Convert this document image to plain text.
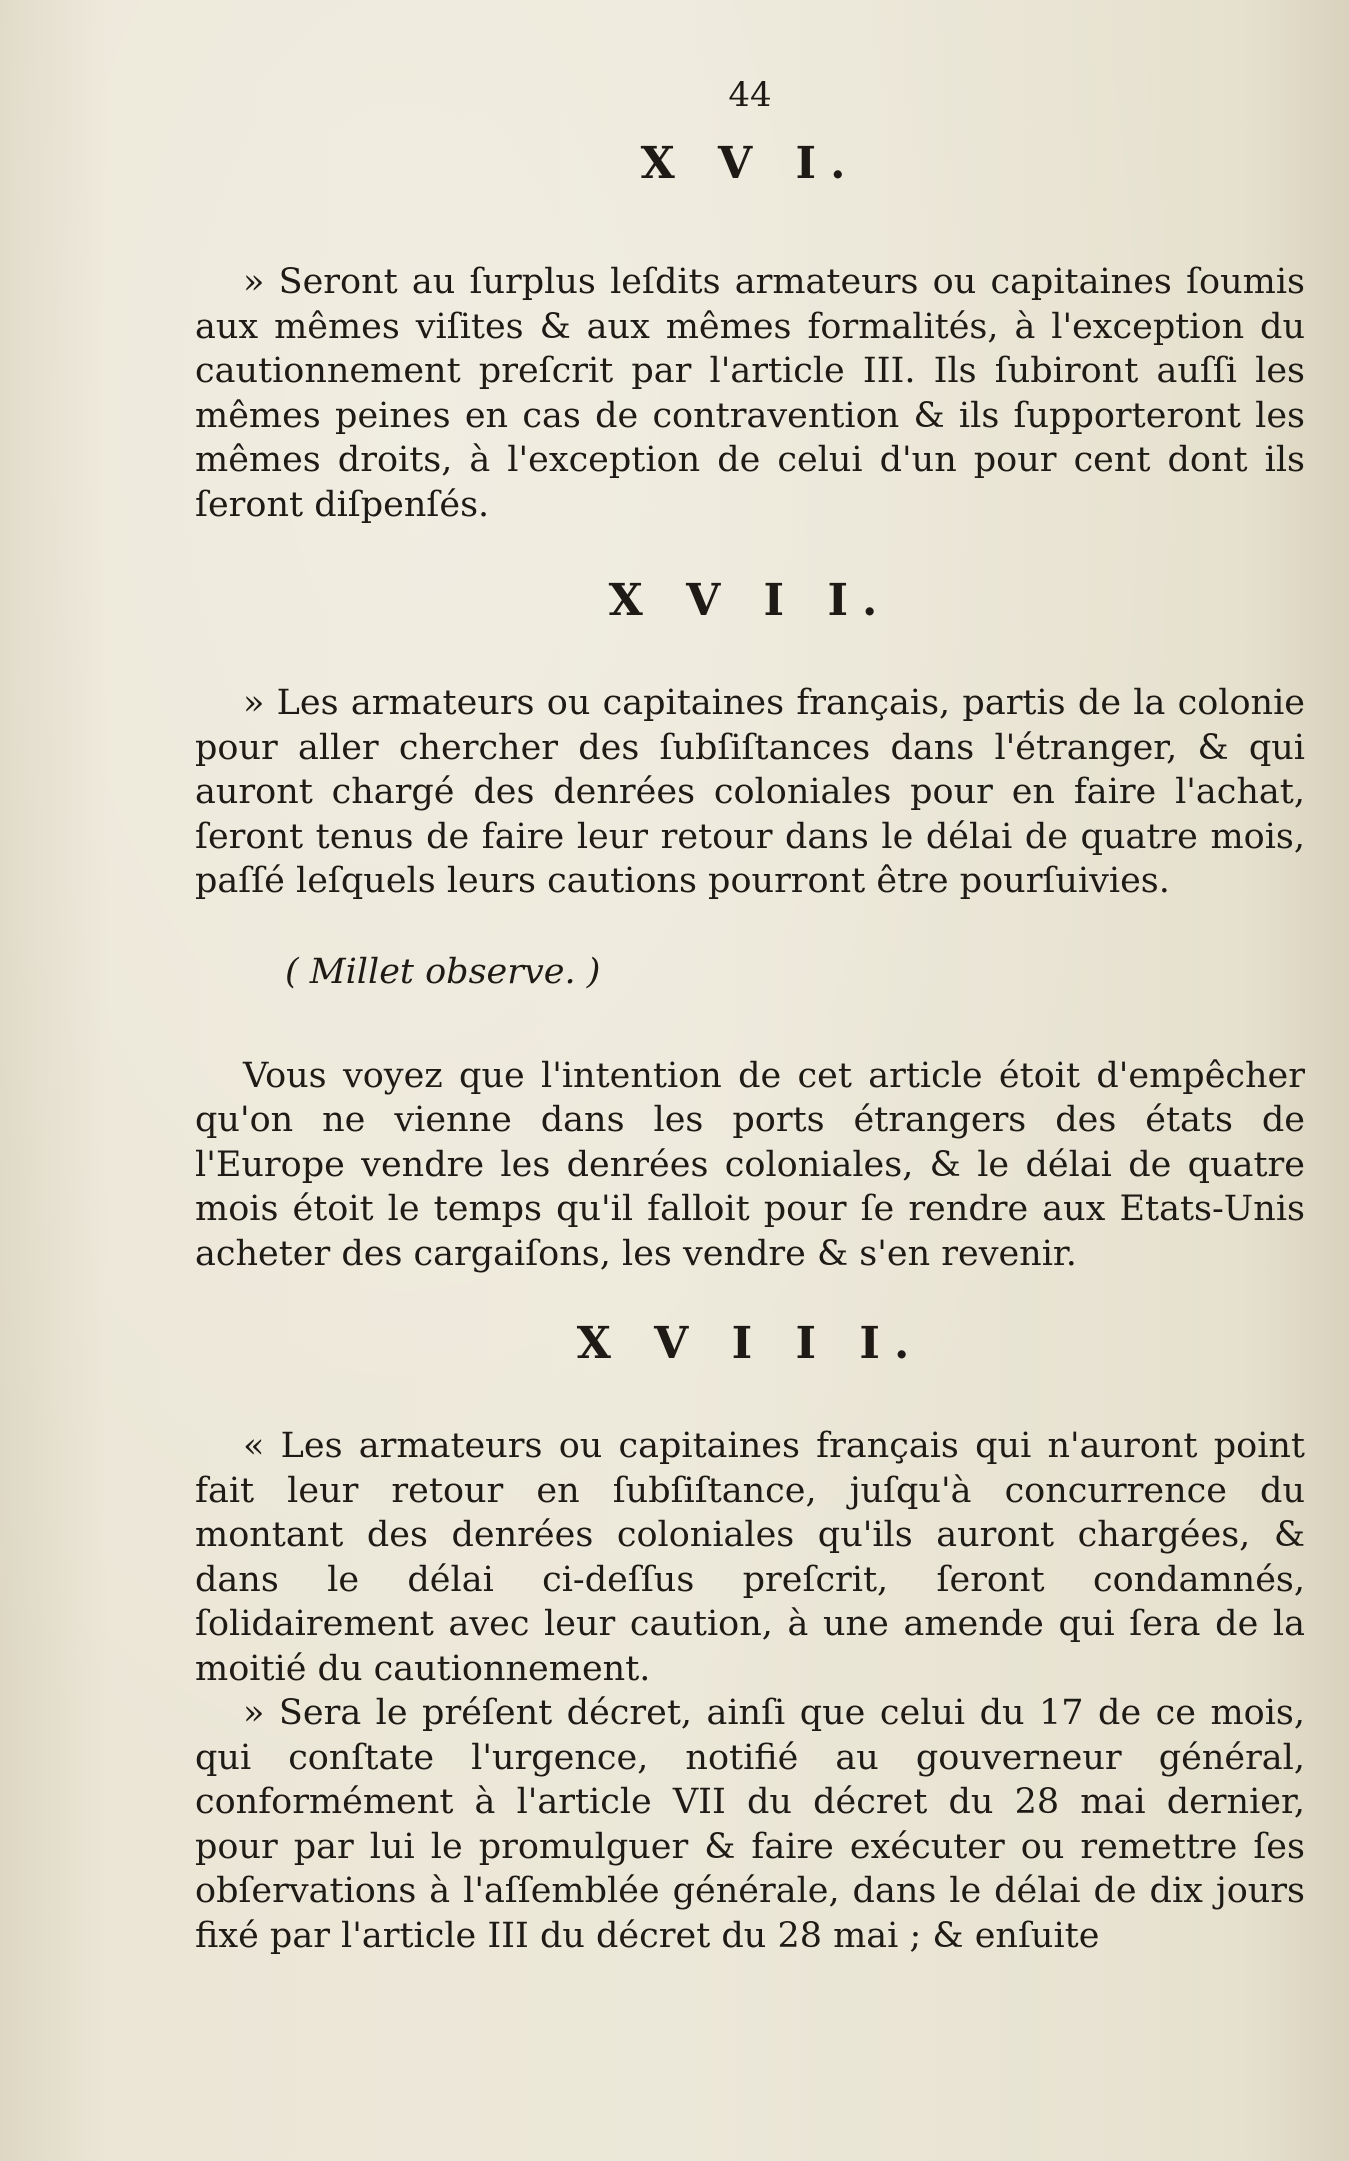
44
X V I.

» Seront au ſurplus leſdits armateurs ou capitaines ſoumis aux mêmes viſites & aux mêmes formalités, à l'exception du cautionnement preſcrit par l'article III. Ils ſubiront auſſi les mêmes peines en cas de contravention & ils ſupporteront les mêmes droits, à l'exception de celui d'un pour cent dont ils ſeront diſpenſés.

X V I I.

» Les armateurs ou capitaines français, partis de la colonie pour aller chercher des ſubſiſtances dans l'étranger, & qui auront chargé des denrées coloniales pour en faire l'achat, ſeront tenus de faire leur retour dans le délai de quatre mois, paſſé leſquels leurs cautions pourront être pourſuivies.

( Millet observe. )

Vous voyez que l'intention de cet article étoit d'empêcher qu'on ne vienne dans les ports étrangers des états de l'Europe vendre les denrées coloniales, & le délai de quatre mois étoit le temps qu'il falloit pour ſe rendre aux Etats-Unis acheter des cargaiſons, les vendre & s'en revenir.

X V I I I.

« Les armateurs ou capitaines français qui n'auront point fait leur retour en ſubſiſtance, juſqu'à concurrence du montant des denrées coloniales qu'ils auront chargées, & dans le délai ci-deſſus preſcrit, ſeront condamnés, ſolidairement avec leur caution, à une amende qui ſera de la moitié du cautionnement.

» Sera le préſent décret, ainſi que celui du 17 de ce mois, qui conſtate l'urgence, notifié au gouverneur général, conformément à l'article VII du décret du 28 mai dernier, pour par lui le promulguer & faire exécuter ou remettre ſes obſervations à l'aſſemblée générale, dans le délai de dix jours fixé par l'article III du décret du 28 mai ; & enſuite
